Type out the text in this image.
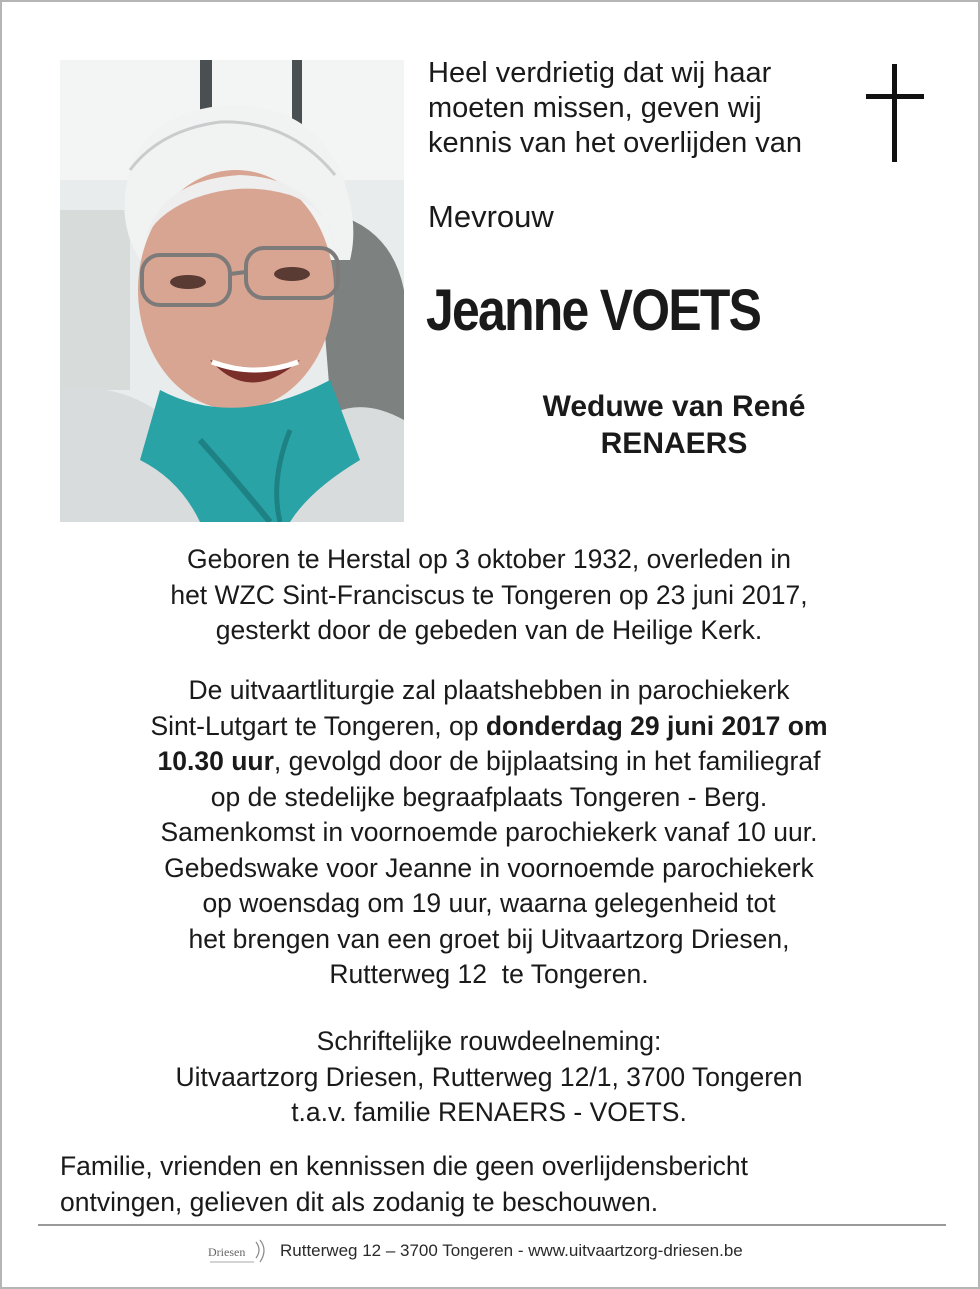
Heel verdrietig dat wij haar
moeten missen, geven wij
kennis van het overlijden van
Mevrouw
Jeanne VOETS
Weduwe van René
RENAERS
Geboren te Herstal op 3 oktober 1932, overleden in
het WZC Sint-Franciscus te Tongeren op 23 juni 2017,
gesterkt door de gebeden van de Heilige Kerk.
De uitvaartliturgie zal plaatshebben in parochiekerk
Sint-Lutgart te Tongeren, op donderdag 29 juni 2017 om
10.30 uur, gevolgd door de bijplaatsing in het familiegraf
op de stedelijke begraafplaats Tongeren - Berg.
Samenkomst in voornoemde parochiekerk vanaf 10 uur.
Gebedswake voor Jeanne in voornoemde parochiekerk
op woensdag om 19 uur, waarna gelegenheid tot
het brengen van een groet bij Uitvaartzorg Driesen,
Rutterweg 12  te Tongeren.
Schriftelijke rouwdeelneming:
Uitvaartzorg Driesen, Rutterweg 12/1, 3700 Tongeren
t.a.v. familie RENAERS - VOETS.
Familie, vrienden en kennissen die geen overlijdensbericht
ontvingen, gelieven dit als zodanig te beschouwen.
Driesen Rutterweg 12 – 3700 Tongeren - www.uitvaartzorg-driesen.be
